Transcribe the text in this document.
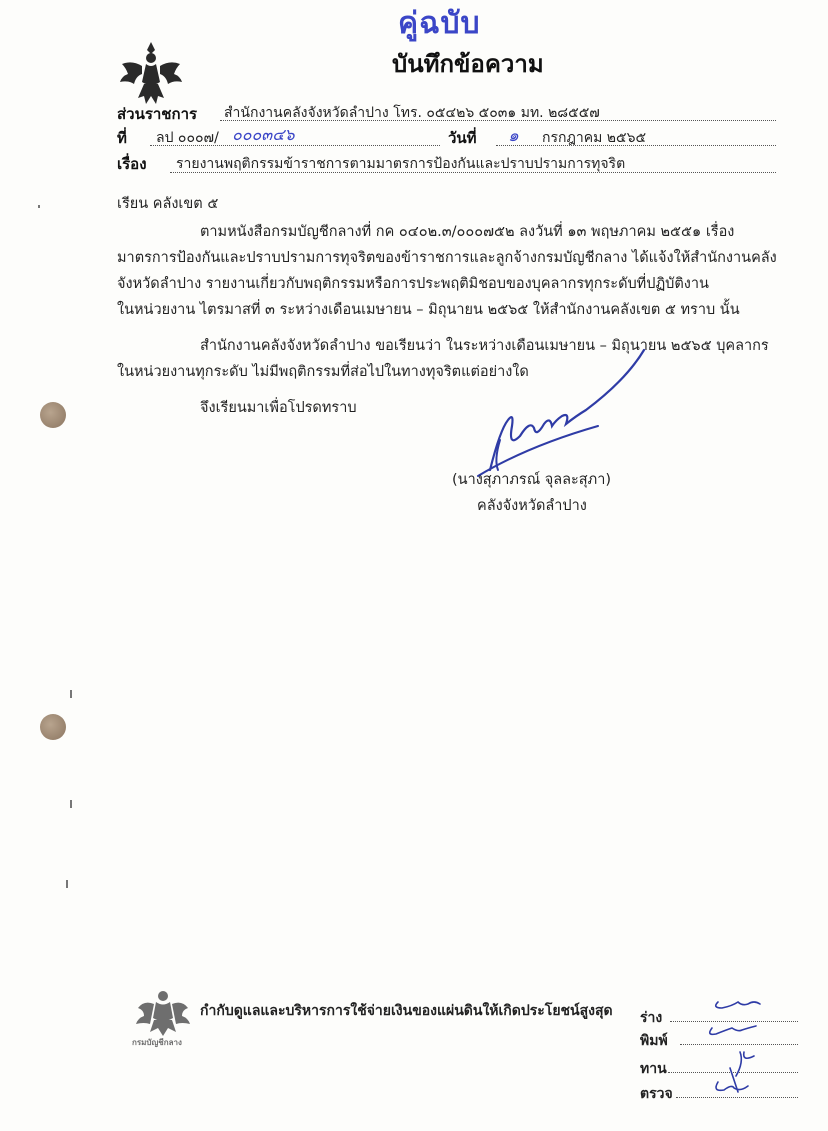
คู่ฉบับ
บันทึกข้อความ
ส่วนราชการ สำนักงานคลังจังหวัดลำปาง โทร. ๐๕๔๒๖ ๕๐๓๑ มท. ๒๘๕๕๗
ที่ ลป ๐๐๐๗/ ๐๐๐๓๔๖	วันที่ ๑ กรกฎาคม ๒๕๖๕
เรื่อง รายงานพฤติกรรมข้าราชการตามมาตรการป้องกันและปราบปรามการทุจริต
เรียน คลังเขต ๕
ตามหนังสือกรมบัญชีกลางที่ กค ๐๔๐๒.๓/๐๐๐๗๕๒ ลงวันที่ ๑๓ พฤษภาคม ๒๕๕๑ เรื่อง
มาตรการป้องกันและปราบปรามการทุจริตของข้าราชการและลูกจ้างกรมบัญชีกลาง ได้แจ้งให้สำนักงานคลัง
จังหวัดลำปาง รายงานเกี่ยวกับพฤติกรรมหรือการประพฤติมิชอบของบุคลากรทุกระดับที่ปฏิบัติงาน
ในหน่วยงาน ไตรมาสที่ ๓ ระหว่างเดือนเมษายน – มิถุนายน ๒๕๖๕ ให้สำนักงานคลังเขต ๕ ทราบ นั้น
สำนักงานคลังจังหวัดลำปาง ขอเรียนว่า ในระหว่างเดือนเมษายน – มิถุนายน ๒๕๖๕ บุคลากร
ในหน่วยงานทุกระดับ ไม่มีพฤติกรรมที่ส่อไปในทางทุจริตแต่อย่างใด
จึงเรียนมาเพื่อโปรดทราบ
(นางสุภาภรณ์ จุลละสุภา)
คลังจังหวัดลำปาง
กรมบัญชีกลาง
กำกับดูแลและบริหารการใช้จ่ายเงินของแผ่นดินให้เกิดประโยชน์สูงสุด ร่าง
พิมพ์
ทาน
ตรวจ
